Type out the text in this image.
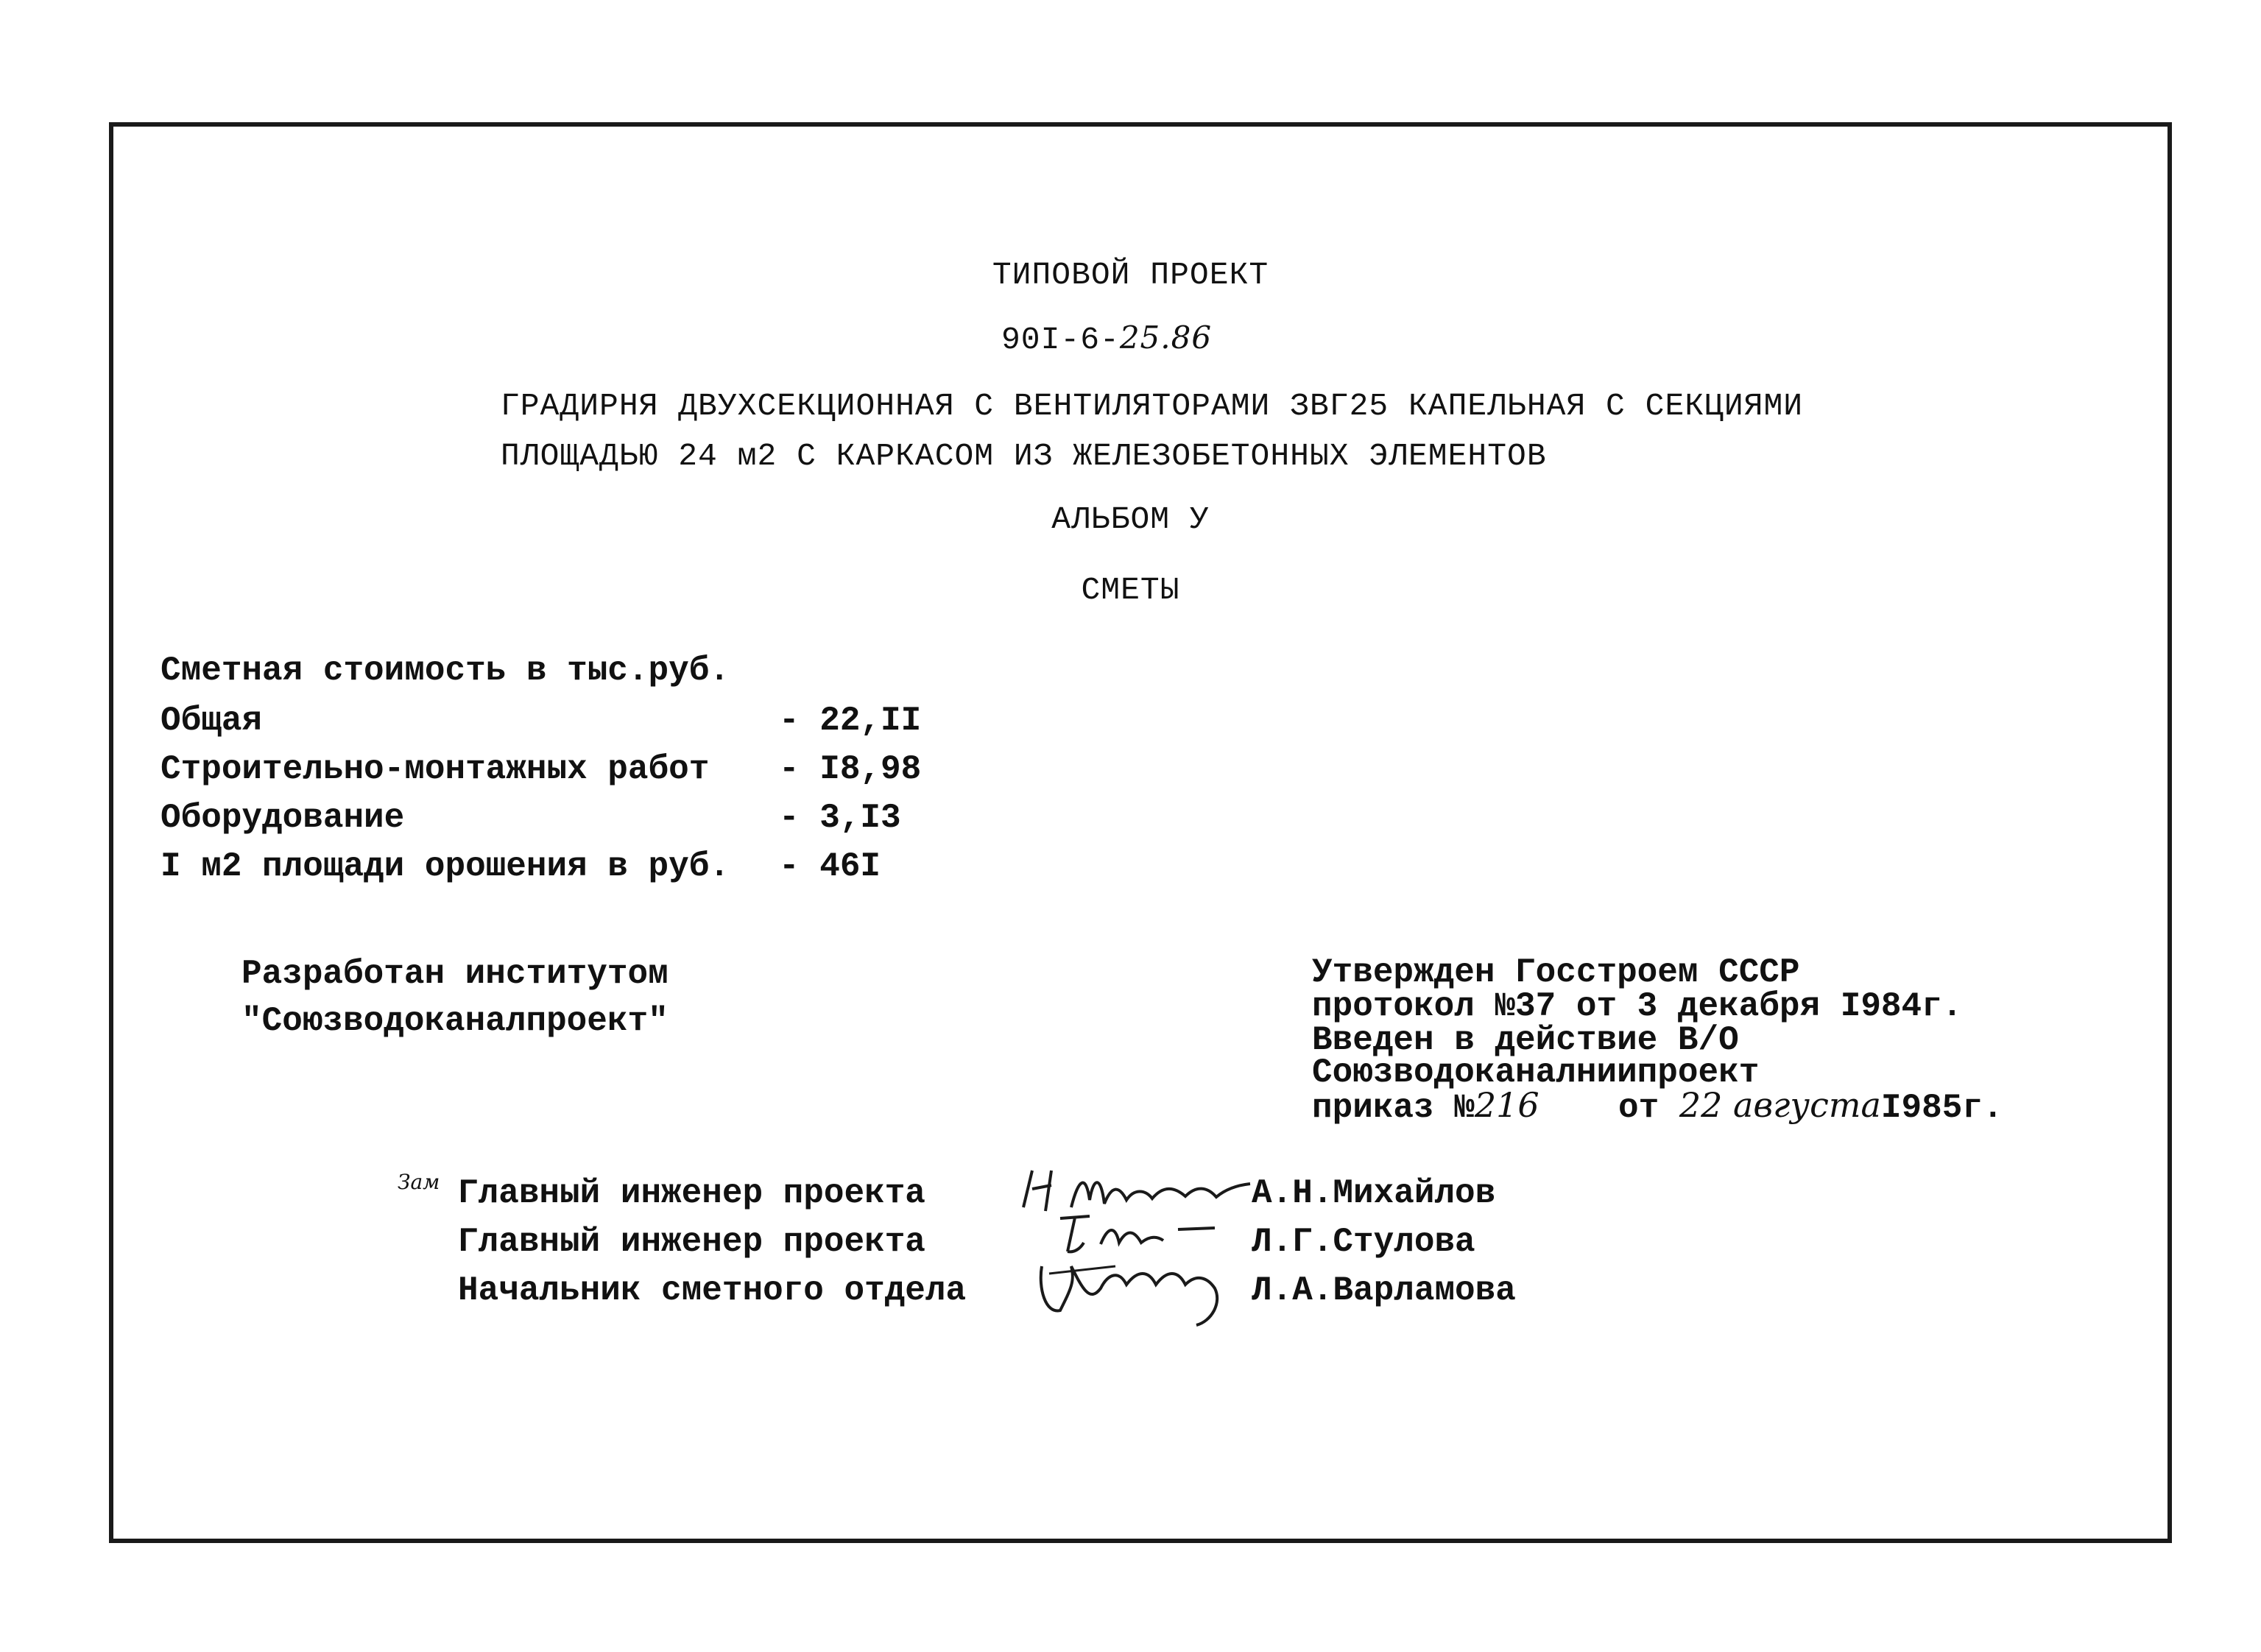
ТИПОВОЙ ПРОЕКТ
90I-6-25.86
ГРАДИРНЯ ДВУХСЕКЦИОННАЯ С ВЕНТИЛЯТОРАМИ ЗВГ25 КАПЕЛЬНАЯ С СЕКЦИЯМИ
ПЛОЩАДЬЮ 24 м2 С КАРКАСОМ ИЗ ЖЕЛЕЗОБЕТОННЫХ ЭЛЕМЕНТОВ
АЛЬБОМ У
СМЕТЫ
Сметная стоимость в тыс.руб.
Общая	- 22,II
Строительно-монтажных работ - I8,98
Оборудование	- 3,I3
I м2 площади орошения в руб. - 46I
Разработан институтом
"Союзводоканалпроект"
Утвержден Госстроем СССР
протокол №37 от 3 декабря I984г.
Введен в действие В/О
Союзводоканалниипроект
приказ №216 от 22 августаI985г.
Зам Главный инженер проекта	А.Н.Михайлов
Главный инженер проекта	Л.Г.Стулова
Начальник сметного отдела	Л.А.Варламова
